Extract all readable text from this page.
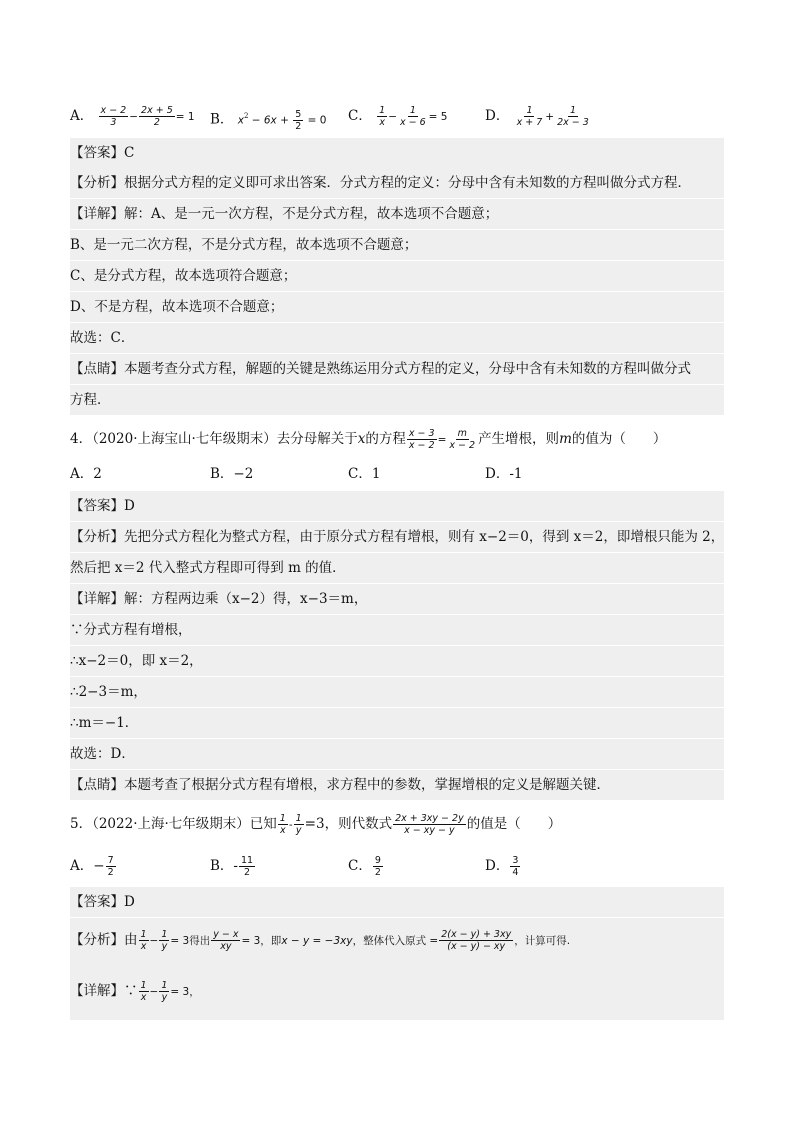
A． $\frac{x - 2}{3} - \frac{2x + 5}{2} = 1$ B． $x^2 - 6x + \frac{5}{2} = 0$ C． $\frac{1}{x} - \frac{1}{x - 6} = 5$	D． $\frac{1}{x + 7} + \frac{1}{2x - 3}$
【答案】C
【分析】根据分式方程的定义即可求出答案．分式方程的定义：分母中含有未知数的方程叫做分式方程．
【详解】解：A、是一元一次方程，不是分式方程，故本选项不合题意；
B、是一元二次方程，不是分式方程，故本选项不合题意；
C、是分式方程，故本选项符合题意；
D、不是方程，故本选项不合题意；
故选：C．
【点睛】本题考查分式方程，解题的关键是熟练运用分式方程的定义，分母中含有未知数的方程叫做分式
方程．
4．（2020·上海宝山·七年级期末）去分母解关于x的方程 $\frac{x - 3}{x - 2} = \frac{m}{x - 2}$ 产生增根，则m的值为（　　）
A．2	B．−2	C．1	D．-1
【答案】D
【分析】先把分式方程化为整式方程，由于原分式方程有增根，则有 x−2＝0，得到 x＝2，即增根只能为 2，
然后把 x＝2 代入整式方程即可得到 m 的值．
【详解】解：方程两边乘（x−2）得，x−3＝m，
∵分式方程有增根，
∴x−2＝0，即 x＝2，
∴2−3＝m，
∴m＝−1．
故选：D．
【点睛】本题考查了根据分式方程有增根，求方程中的参数，掌握增根的定义是解题关键．
5．（2022·上海·七年级期末）已知 $\frac{1}{x} - \frac{1}{y} =3$，则代数式 $\frac{2x + 3xy - 2y}{x - xy - y}$ 的值是（　　）
A．− $\frac{7}{2}$	B．- $\frac{11}{2}$	C． $\frac{9}{2}$	D． $\frac{3}{4}$
【答案】D
【分析】由 $\frac{1}{x} - \frac{1}{y} = 3$得出 $\frac{y - x}{xy} = 3$，即x − y = −3xy，整体代入原式 = $\frac{2(x - y) + 3xy}{(x - y) - xy}$ ，计算可得.
【详解】∵ $\frac{1}{x} - \frac{1}{y} = 3$，
